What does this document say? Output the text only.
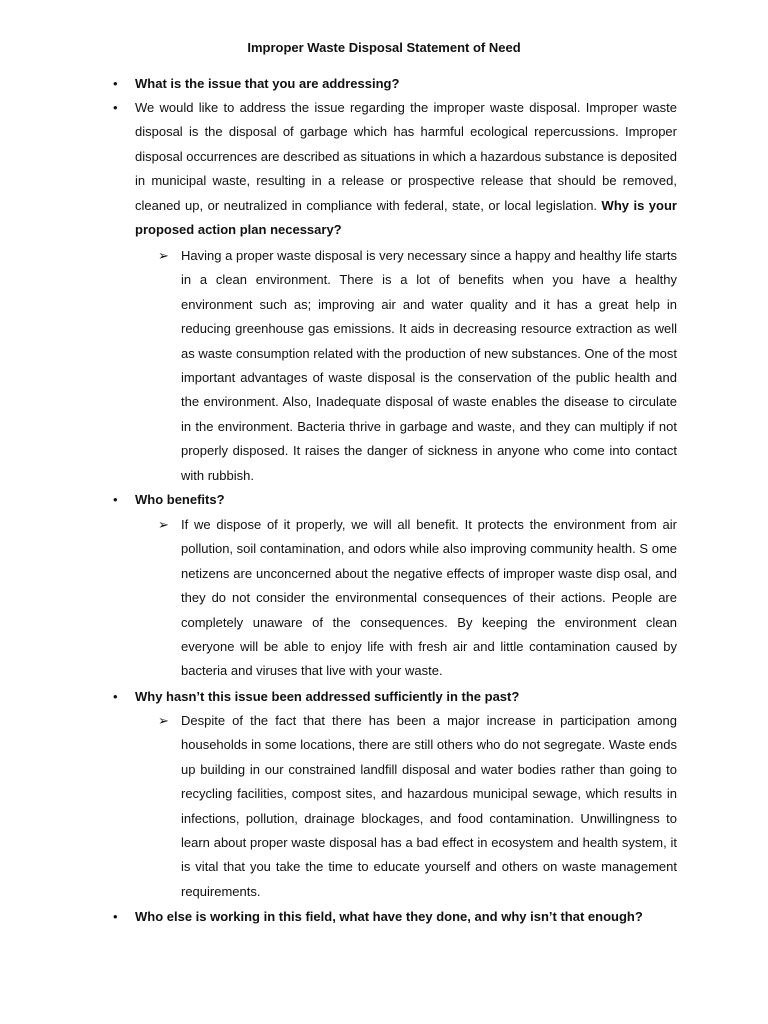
Improper Waste Disposal Statement of Need
• What is the issue that you are addressing?
• We would like to address the issue regarding the improper waste disposal. Improper waste disposal is the disposal of garbage which has harmful ecological repercussions. Improper disposal occurrences are described as situations in which a hazardous substance is deposited in municipal waste, resulting in a release or prospective release that should be removed, cleaned up, or neutralized in compliance with federal, state, or local legislation. Why is your proposed action plan necessary?
➢ Having a proper waste disposal is very necessary since a happy and healthy life starts in a clean environment. There is a lot of benefits when you have a healthy environment such as; improving air and water quality and it has a great help in reducing greenhouse gas emissions. It aids in decreasing resource extraction as well as waste consumption related with the production of new substances. One of the most important advantages of waste disposal is the conservation of the public health and the environment. Also, Inadequate disposal of waste enables the disease to circulate in the environment. Bacteria thrive in garbage and waste, and they can multiply if not properly disposed. It raises the danger of sickness in anyone who come into contact with rubbish.
• Who benefits?
➢ If we dispose of it properly, we will all benefit. It protects the environment from air pollution, soil contamination, and odors while also improving community health. S ome netizens are unconcerned about the negative effects of improper waste disp osal, and they do not consider the environmental consequences of their actions. People are completely unaware of the consequences. By keeping the environment clean everyone will be able to enjoy life with fresh air and little contamination caused by bacteria and viruses that live with your waste.
• Why hasn’t this issue been addressed sufficiently in the past?
➢ Despite of the fact that there has been a major increase in participation among households in some locations, there are still others who do not segregate. Waste ends up building in our constrained landfill disposal and water bodies rather than going to recycling facilities, compost sites, and hazardous municipal sewage, which results in infections, pollution, drainage blockages, and food contamination. Unwillingness to learn about proper waste disposal has a bad effect in ecosystem and health system, it is vital that you take the time to educate yourself and others on waste management requirements.
• Who else is working in this field, what have they done, and why isn’t that enough?
